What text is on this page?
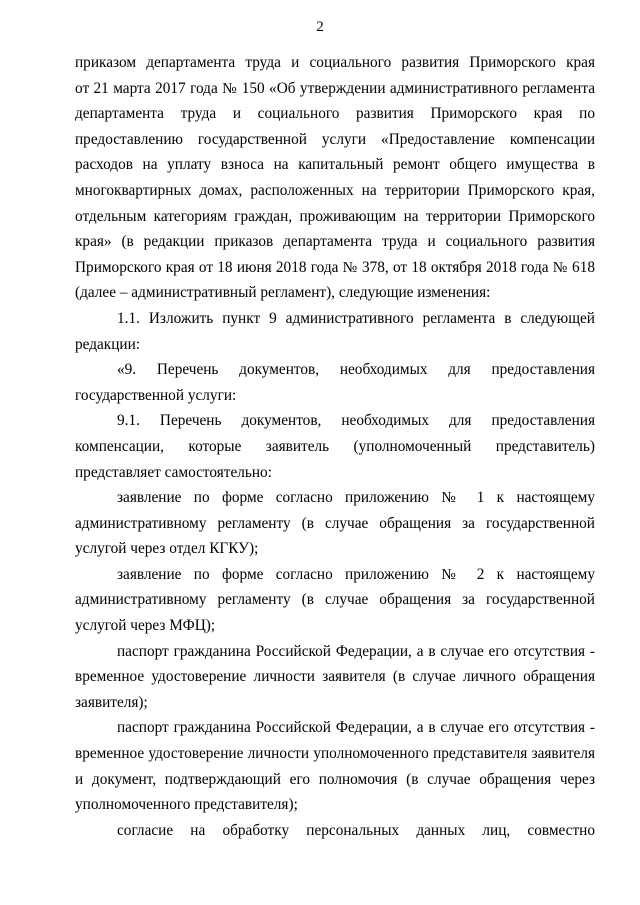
2
приказом департамента труда и социального развития Приморского края
от 21 марта 2017 года № 150 «Об утверждении административного регламента
департамента труда и социального развития Приморского края по
предоставлению государственной услуги «Предоставление компенсации
расходов на уплату взноса на капитальный ремонт общего имущества в
многоквартирных домах, расположенных на территории Приморского края,
отдельным категориям граждан, проживающим на территории Приморского
края» (в редакции приказов департамента труда и социального развития
Приморского края от 18 июня 2018 года № 378, от 18 октября 2018 года № 618
(далее – административный регламент), следующие изменения:
1.1. Изложить пункт 9 административного регламента в следующей
редакции:
«9. Перечень документов, необходимых для предоставления
государственной услуги:
9.1. Перечень документов, необходимых для предоставления
компенсации, которые заявитель (уполномоченный представитель)
представляет самостоятельно:
заявление по форме согласно приложению № 1 к настоящему
административному регламенту (в случае обращения за государственной
услугой через отдел КГКУ);
заявление по форме согласно приложению № 2 к настоящему
административному регламенту (в случае обращения за государственной
услугой через МФЦ);
паспорт гражданина Российской Федерации, а в случае его отсутствия -
временное удостоверение личности заявителя (в случае личного обращения
заявителя);
паспорт гражданина Российской Федерации, а в случае его отсутствия -
временное удостоверение личности уполномоченного представителя заявителя
и документ, подтверждающий его полномочия (в случае обращения через
уполномоченного представителя);
согласие на обработку персональных данных лиц, совместно
